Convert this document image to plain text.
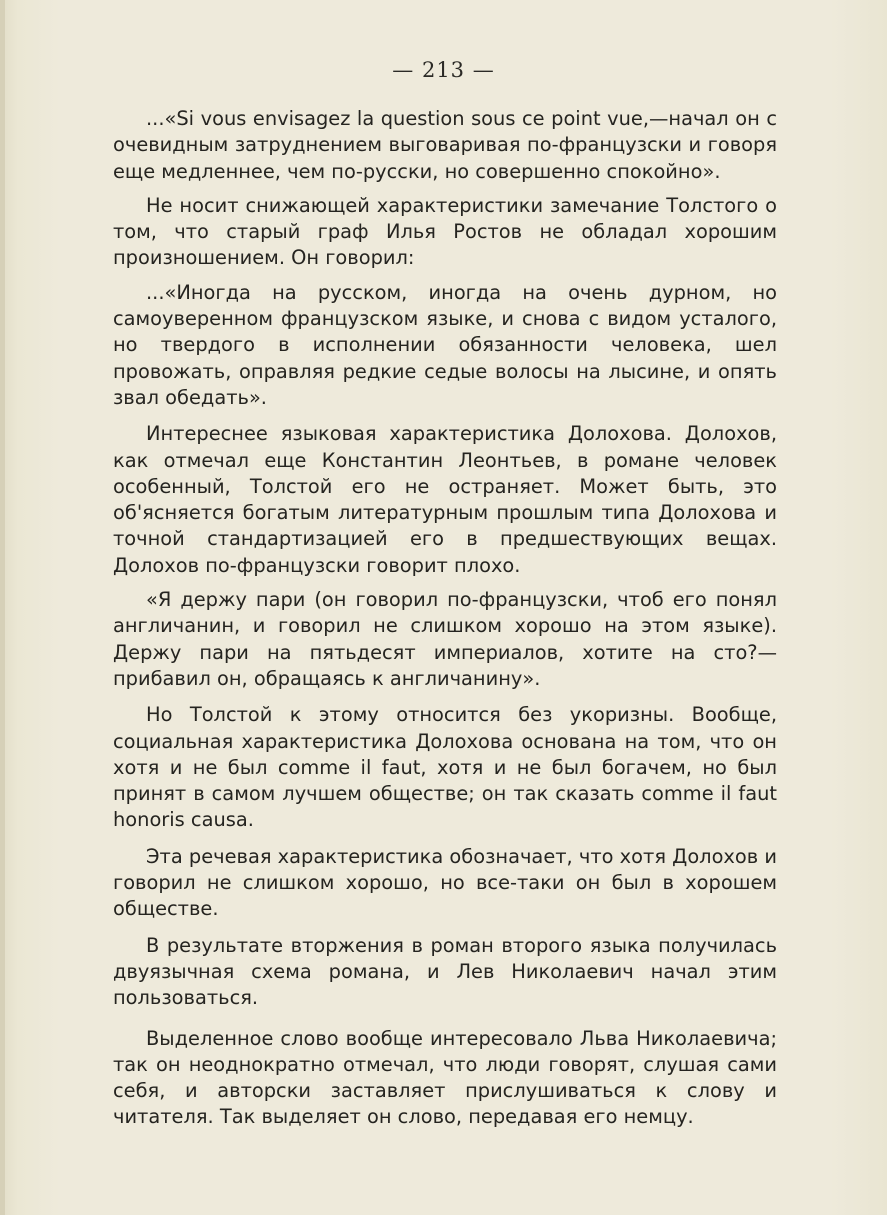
— 213 —

...«Si vous envisagez la question sous ce point vue,—начал он с очевидным затруднением выговаривая по-французски и говоря еще медленнее, чем по-русски, но совершенно спокойно».

Не носит снижающей характеристики замечание Толстого о том, что старый граф Илья Ростов не обладал хорошим произношением. Он говорил:

...«Иногда на русском, иногда на очень дурном, но самоуверенном французском языке, и снова с видом усталого, но твердого в исполнении обязанности человека, шел провожать, оправляя редкие седые волосы на лысине, и опять звал обедать».

Интереснее языковая характеристика Долохова. Долохов, как отмечал еще Константин Леонтьев, в романе человек особенный, Толстой его не остраняет. Может быть, это об'ясняется богатым литературным прошлым типа Долохова и точной стандартизацией его в предшествующих вещах. Долохов по-французски говорит плохо.

«Я держу пари (он говорил по-французски, чтоб его понял англичанин, и говорил не слишком хорошо на этом языке). Держу пари на пятьдесят империалов, хотите на сто?— прибавил он, обращаясь к англичанину».

Но Толстой к этому относится без укоризны. Вообще, социальная характеристика Долохова основана на том, что он хотя и не был comme il faut, хотя и не был богачем, но был принят в самом лучшем обществе; он так сказать comme il faut honoris causa.

Эта речевая характеристика обозначает, что хотя Долохов и говорил не слишком хорошо, но все-таки он был в хорошем обществе.

В результате вторжения в роман второго языка получилась двуязычная схема романа, и Лев Николаевич начал этим пользоваться.

Выделенное слово вообще интересовало Льва Николаевича; так он неоднократно отмечал, что люди говорят, слушая сами себя, и авторски заставляет прислушиваться к слову и читателя. Так выделяет он слово, передавая его немцу.
